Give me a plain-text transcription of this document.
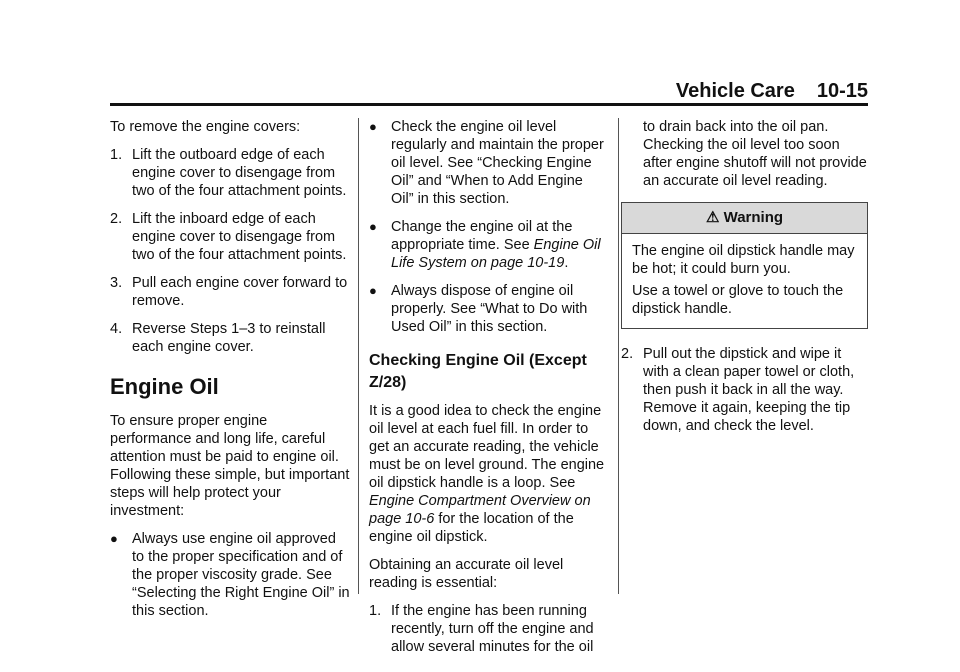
Vehicle Care 10-15

To remove the engine covers:

1. Lift the outboard edge of each engine cover to disengage from two of the four attachment points.
2. Lift the inboard edge of each engine cover to disengage from two of the four attachment points.
3. Pull each engine cover forward to remove.
4. Reverse Steps 1–3 to reinstall each engine cover.
Engine Oil

To ensure proper engine performance and long life, careful attention must be paid to engine oil. Following these simple, but important steps will help protect your investment:

● Always use engine oil approved to the proper specification and of the proper viscosity grade. See “Selecting the Right Engine Oil” in this section.
● Check the engine oil level regularly and maintain the proper oil level. See “Checking Engine Oil” and “When to Add Engine Oil” in this section.
● Change the engine oil at the appropriate time. See Engine Oil Life System on page 10-19.
● Always dispose of engine oil properly. See “What to Do with Used Oil” in this section.
Checking Engine Oil (Except Z/28)

It is a good idea to check the engine oil level at each fuel fill. In order to get an accurate reading, the vehicle must be on level ground. The engine oil dipstick handle is a loop. See Engine Compartment Overview on page 10-6 for the location of the engine oil dipstick.

Obtaining an accurate oil level reading is essential:

1. If the engine has been running recently, turn off the engine and allow several minutes for the oil
to drain back into the oil pan. Checking the oil level too soon after engine shutoff will not provide an accurate oil level reading.
⚠ Warning

The engine oil dipstick handle may be hot; it could burn you.

Use a towel or glove to touch the dipstick handle.

2. Pull out the dipstick and wipe it with a clean paper towel or cloth, then push it back in all the way. Remove it again, keeping the tip down, and check the level.
